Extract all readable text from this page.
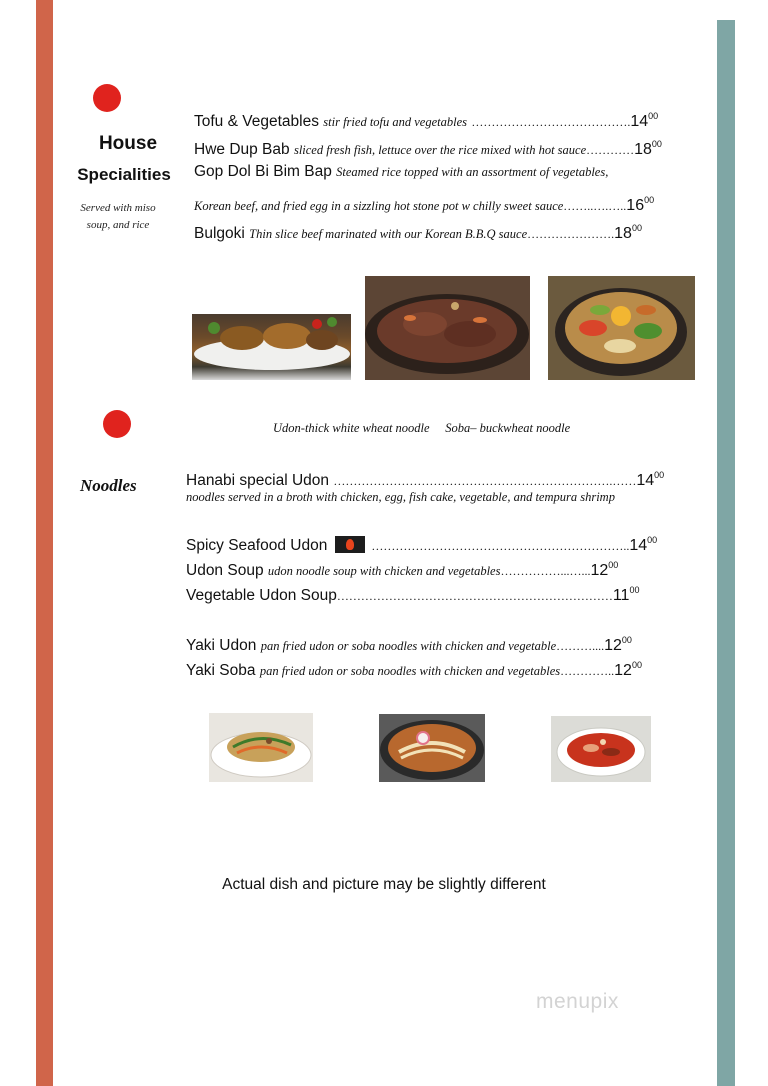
House
Specialities
Served with miso
soup, and rice
Tofu & Vegetables stir fried tofu and vegetables $\dots\dots\dots\dots\dots\dots\dots\dots\dots\dots\dots\dots\dots.14^{00}$
Hwe Dup Bab sliced fresh fish, lettuce over the rice mixed with hot $sauce\dots\dots\dots\dots 18^{00}$
Gop Dol Bi Bim Bap Steamed rice topped with an assortment of vegetables,
Korean beef, and fried egg in a sizzling hot stone pot w chilly sweet sauce……..….…..16$^{00}$
Bulgoki Thin slice beef marinated with our Korean B.B.Q $sauce\dots\dots\dots\dots\dots\dots\dots.18^{00}$
Udon-thick white wheat noodle     Soba– buckwheat noodle
Noodles	Hanabi special Udon $\dots\dots\dots\dots\dots\dots\dots\dots\dots\dots\dots\dots\dots\dots\dots\dots\dots\dots\dots\dots\dots\dots\dots.\dots\dots 14^{00}$
noodles served in a broth with chicken, egg, fish cake, vegetable, and tempura shrimp
Spicy Seafood Udon	………………………………………………………..14$^{00}$
Udon Soup udon noodle soup with chicken and vegetables……………...…...12$^{00}$
Vegetable Udon $Soup\dots\dots\dots\dots\dots\dots\dots\dots\dots\dots\dots\dots\dots\dots\dots\dots\dots\dots\dots\dots\dots\dots\dots 11^{00}$
Yaki Udon pan fried udon or soba noodles with chicken and vegetable………....12$^{00}$
Yaki Soba pan fried udon or soba noodles with chicken and vegetables…………..12$^{00}$
Actual dish and picture may be slightly different
menupix
